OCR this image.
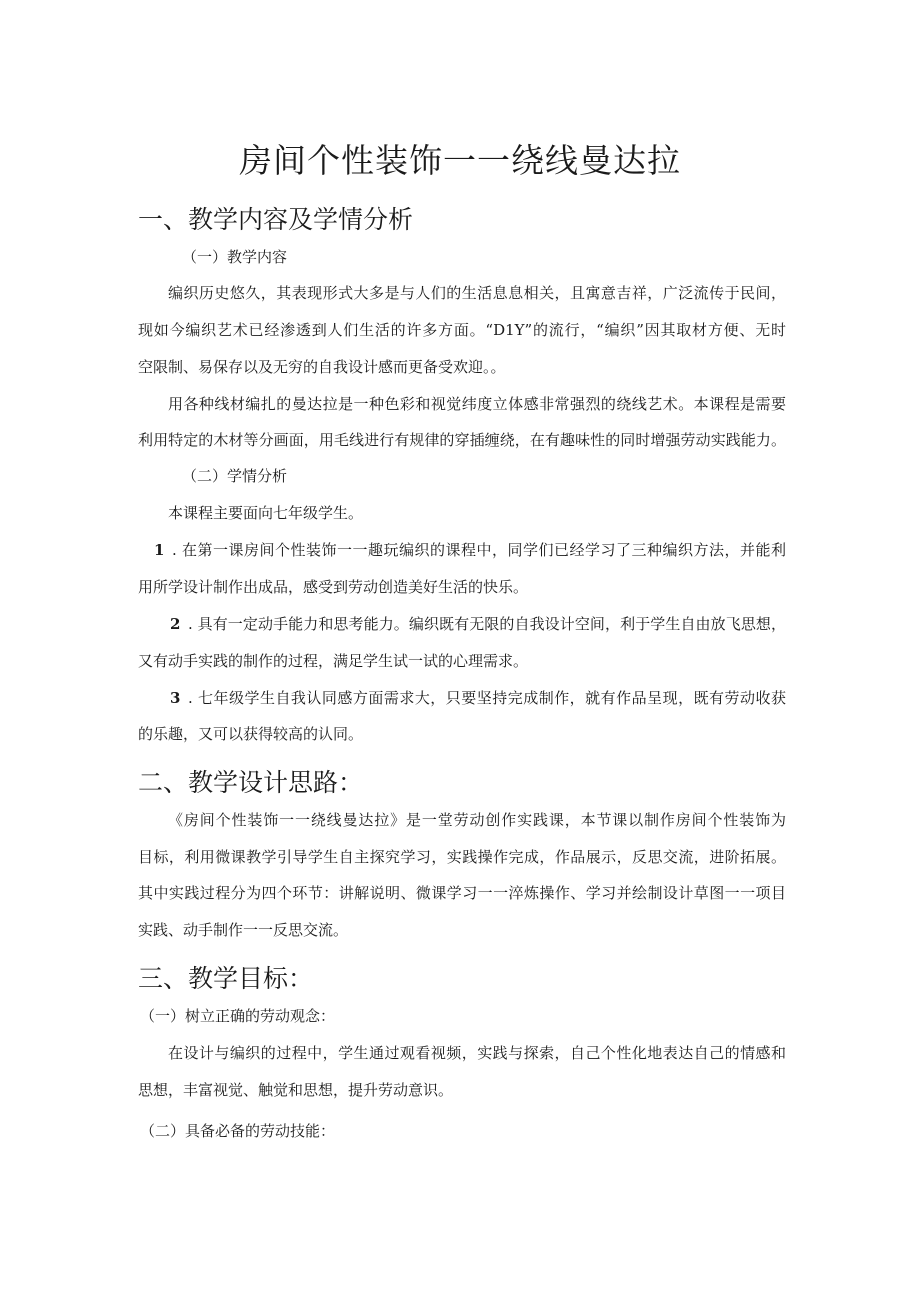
房间个性装饰一一绕线曼达拉
一、教学内容及学情分析
（一）教学内容
编织历史悠久，其表现形式大多是与人们的生活息息相关，且寓意吉祥，广泛流传于民间，
现如今编织艺术已经渗透到人们生活的许多方面。“D1Y”的流行，“编织”因其取材方便、无时
空限制、易保存以及无穷的自我设计感而更备受欢迎。。
用各种线材编扎的曼达拉是一种色彩和视觉纬度立体感非常强烈的绕线艺术。本课程是需要
利用特定的木材等分画面，用毛线进行有规律的穿插缠绕，在有趣味性的同时增强劳动实践能力。
（二）学情分析
本课程主要面向七年级学生。
1 . 在第一课房间个性装饰一一趣玩编织的课程中，同学们已经学习了三种编织方法，并能利
用所学设计制作出成品，感受到劳动创造美好生活的快乐。
2 . 具有一定动手能力和思考能力。编织既有无限的自我设计空间，利于学生自由放飞思想，
又有动手实践的制作的过程，满足学生试一试的心理需求。
3 . 七年级学生自我认同感方面需求大，只要坚持完成制作，就有作品呈现，既有劳动收获
的乐趣，又可以获得较高的认同。
二、教学设计思路：
《房间个性装饰一一绕线曼达拉》是一堂劳动创作实践课，本节课以制作房间个性装饰为
目标，利用微课教学引导学生自主探究学习，实践操作完成，作品展示，反思交流，进阶拓展。
其中实践过程分为四个环节：讲解说明、微课学习一一淬炼操作、学习并绘制设计草图一一项目
实践、动手制作一一反思交流。
三、教学目标：
（一）树立正确的劳动观念：
在设计与编织的过程中，学生通过观看视频，实践与探索，自己个性化地表达自己的情感和
思想，丰富视觉、触觉和思想，提升劳动意识。
（二）具备必备的劳动技能：
